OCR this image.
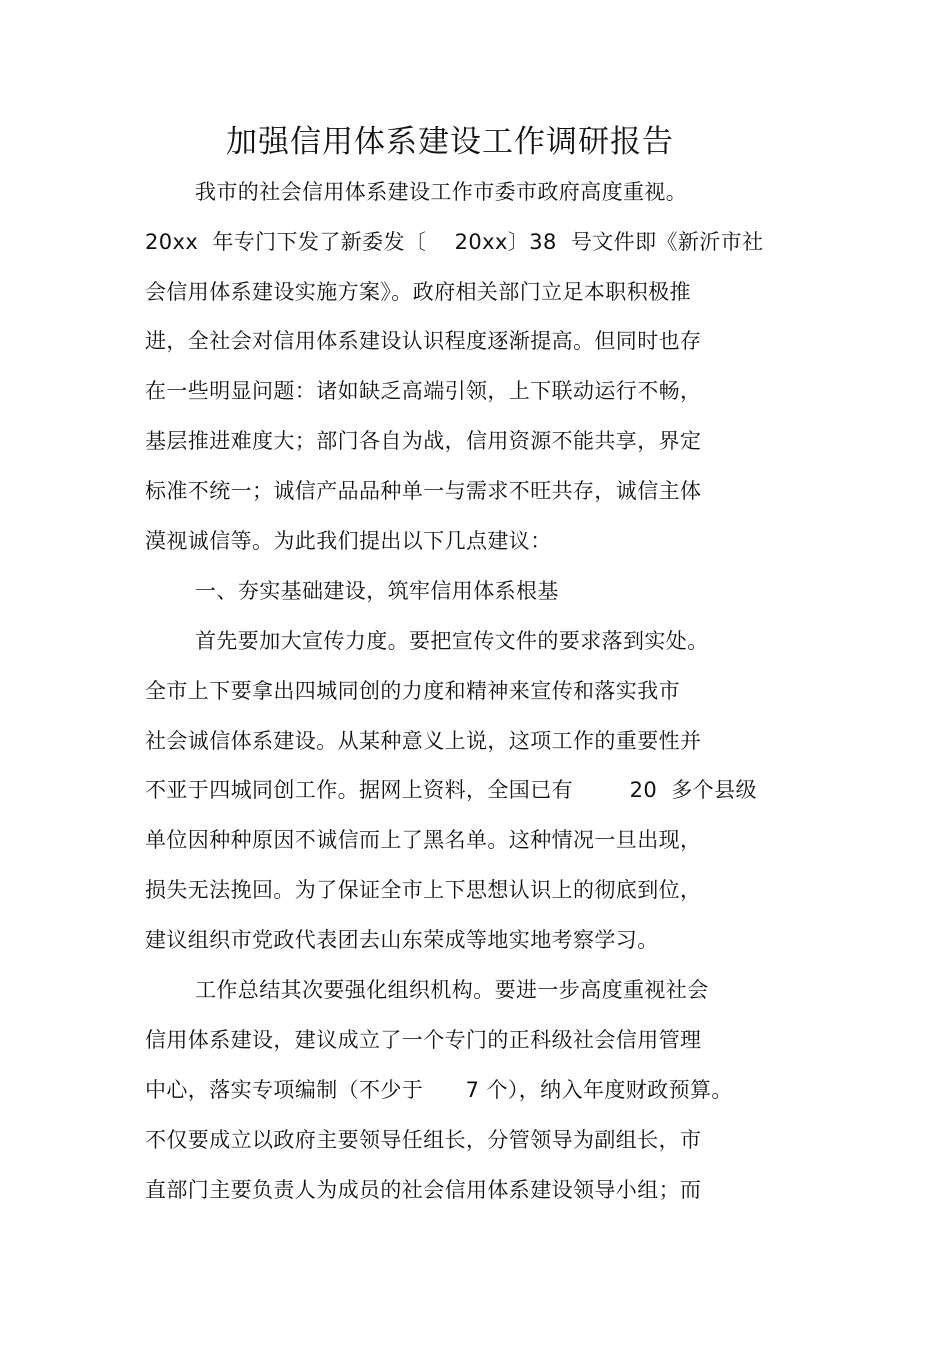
加强信用体系建设工作调研报告
我市的社会信用体系建设工作市委市政府高度重视。
20xx  年专门下发了新委发〔    20xx〕38  号文件即《新沂市社
会信用体系建设实施方案》。政府相关部门立足本职积极推
进，全社会对信用体系建设认识程度逐渐提高。但同时也存
在一些明显问题：诸如缺乏高端引领，上下联动运行不畅，
基层推进难度大；部门各自为战，信用资源不能共享，界定
标准不统一；诚信产品品种单一与需求不旺共存，诚信主体
漠视诚信等。为此我们提出以下几点建议：
一、夯实基础建设，筑牢信用体系根基
首先要加大宣传力度。要把宣传文件的要求落到实处。
全市上下要拿出四城同创的力度和精神来宣传和落实我市
社会诚信体系建设。从某种意义上说，这项工作的重要性并
不亚于四城同创工作。据网上资料，全国已有        20  多个县级
单位因种种原因不诚信而上了黑名单。这种情况一旦出现，
损失无法挽回。为了保证全市上下思想认识上的彻底到位，
建议组织市党政代表团去山东荣成等地实地考察学习。
工作总结其次要强化组织机构。要进一步高度重视社会
信用体系建设，建议成立了一个专门的正科级社会信用管理
中心，落实专项编制（不少于      7 个），纳入年度财政预算。
不仅要成立以政府主要领导任组长，分管领导为副组长，市
直部门主要负责人为成员的社会信用体系建设领导小组；而
